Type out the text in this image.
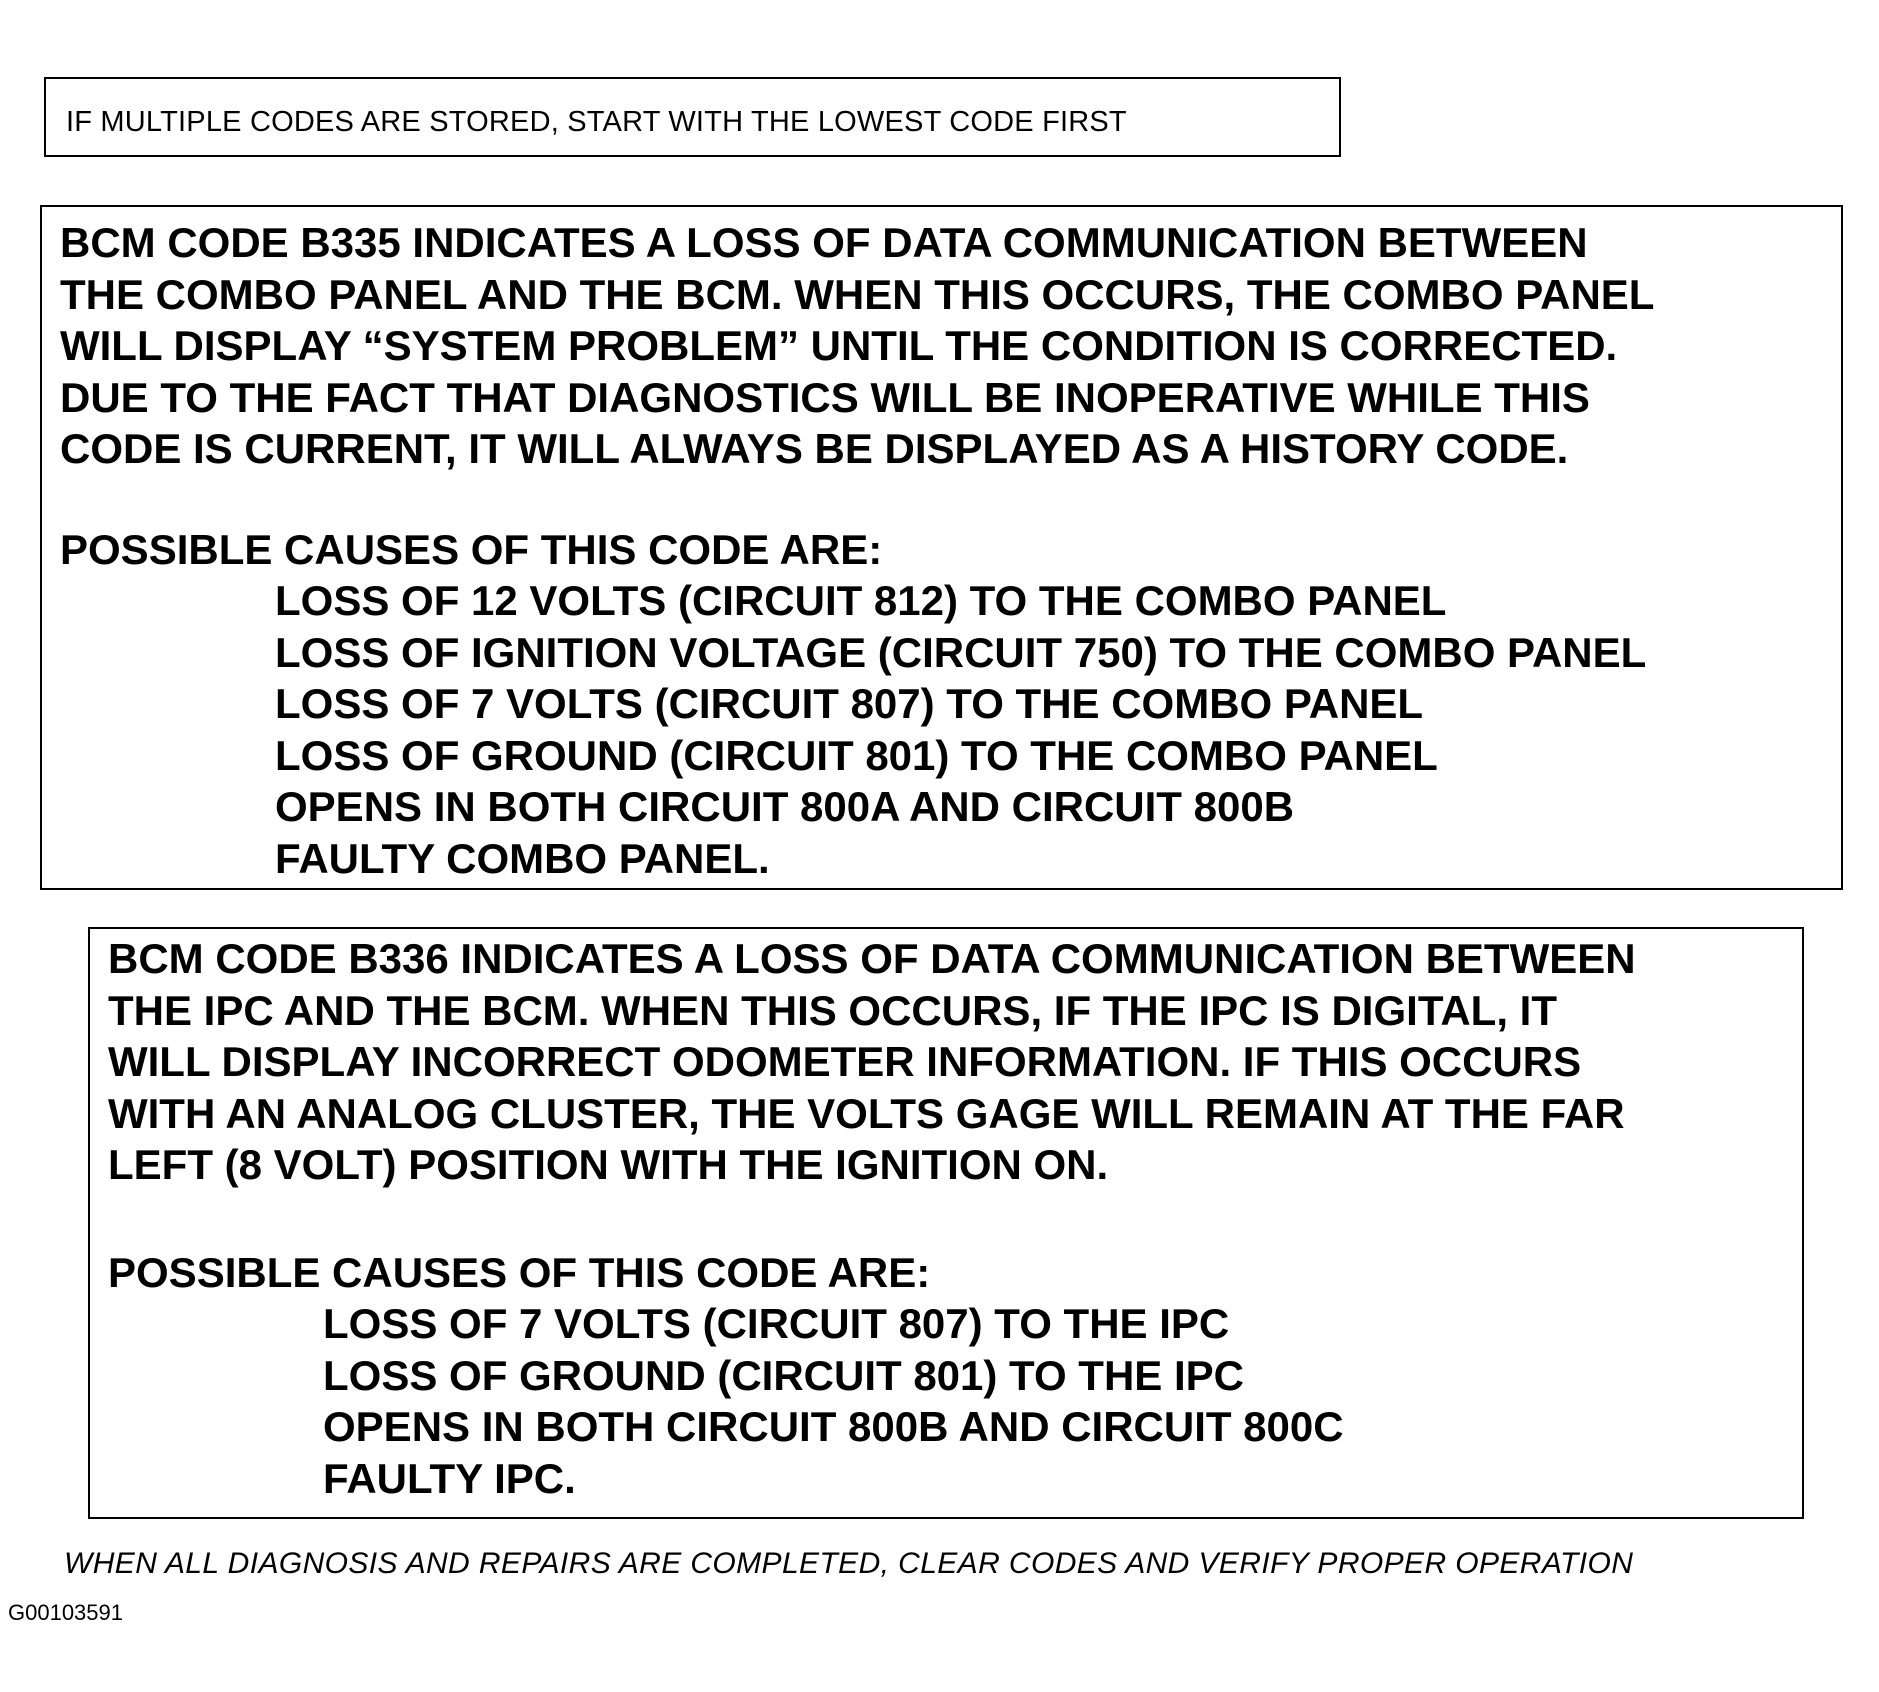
IF MULTIPLE CODES ARE STORED, START WITH THE LOWEST CODE FIRST
BCM CODE B335 INDICATES A LOSS OF DATA COMMUNICATION BETWEEN
THE COMBO PANEL AND THE BCM. WHEN THIS OCCURS, THE COMBO PANEL
WILL DISPLAY “SYSTEM PROBLEM” UNTIL THE CONDITION IS CORRECTED.
DUE TO THE FACT THAT DIAGNOSTICS WILL BE INOPERATIVE WHILE THIS
CODE IS CURRENT, IT WILL ALWAYS BE DISPLAYED AS A HISTORY CODE.
POSSIBLE CAUSES OF THIS CODE ARE:
LOSS OF 12 VOLTS (CIRCUIT 812) TO THE COMBO PANEL
LOSS OF IGNITION VOLTAGE (CIRCUIT 750) TO THE COMBO PANEL
LOSS OF 7 VOLTS (CIRCUIT 807) TO THE COMBO PANEL
LOSS OF GROUND (CIRCUIT 801) TO THE COMBO PANEL
OPENS IN BOTH CIRCUIT 800A AND CIRCUIT 800B
FAULTY COMBO PANEL.
BCM CODE B336 INDICATES A LOSS OF DATA COMMUNICATION BETWEEN
THE IPC AND THE BCM. WHEN THIS OCCURS, IF THE IPC IS DIGITAL, IT
WILL DISPLAY INCORRECT ODOMETER INFORMATION. IF THIS OCCURS
WITH AN ANALOG CLUSTER, THE VOLTS GAGE WILL REMAIN AT THE FAR
LEFT (8 VOLT) POSITION WITH THE IGNITION ON.
POSSIBLE CAUSES OF THIS CODE ARE:
LOSS OF 7 VOLTS (CIRCUIT 807) TO THE IPC
LOSS OF GROUND (CIRCUIT 801) TO THE IPC
OPENS IN BOTH CIRCUIT 800B AND CIRCUIT 800C
FAULTY IPC.
WHEN ALL DIAGNOSIS AND REPAIRS ARE COMPLETED, CLEAR CODES AND VERIFY PROPER OPERATION
G00103591
